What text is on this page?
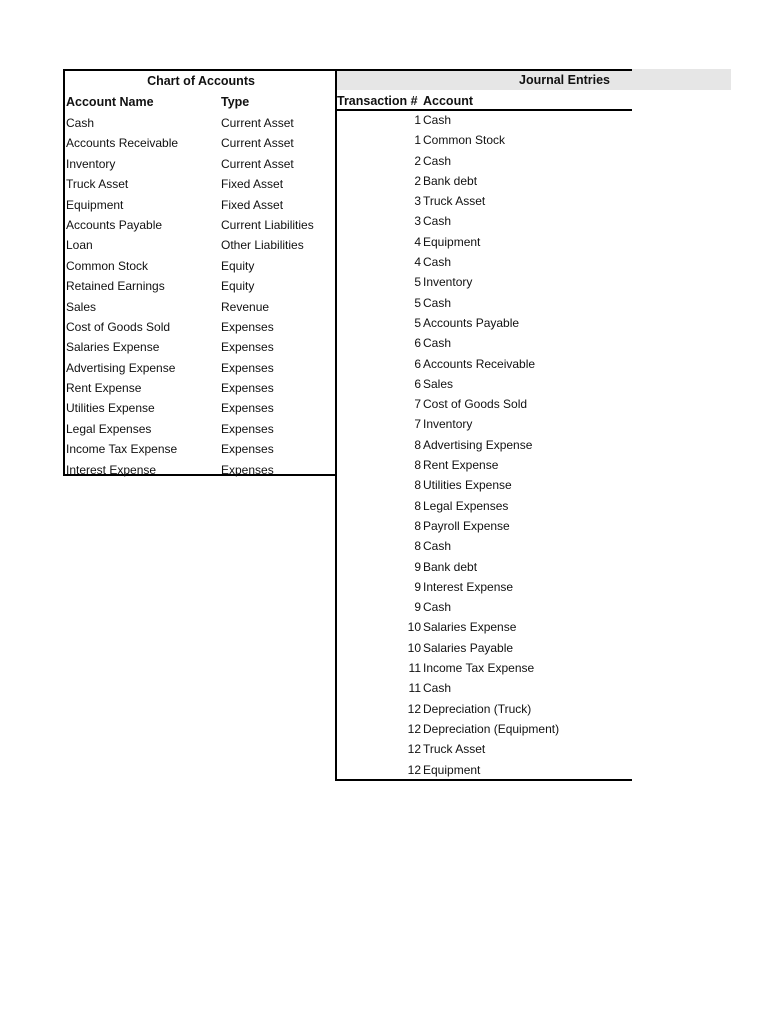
Chart of Accounts
Account Name	Type
Cash	Current Asset
Accounts Receivable	Current Asset
Inventory	Current Asset
Truck Asset	Fixed Asset
Equipment	Fixed Asset
Accounts Payable	Current Liabilities
Loan	Other Liabilities
Common Stock	Equity
Retained Earnings	Equity
Sales	Revenue
Cost of Goods Sold	Expenses
Salaries Expense	Expenses
Advertising Expense	Expenses
Rent Expense	Expenses
Utilities Expense	Expenses
Legal Expenses	Expenses
Income Tax Expense	Expenses
Interest Expense	Expenses
Journal Entries
Transaction # Account
1 Cash
1 Common Stock
2 Cash
2 Bank debt
3 Truck Asset
3 Cash
4 Equipment
4 Cash
5 Inventory
5 Cash
5 Accounts Payable
6 Cash
6 Accounts Receivable
6 Sales
7 Cost of Goods Sold
7 Inventory
8 Advertising Expense
8 Rent Expense
8 Utilities Expense
8 Legal Expenses
8 Payroll Expense
8 Cash
9 Bank debt
9 Interest Expense
9 Cash
10 Salaries Expense
10 Salaries Payable
11 Income Tax Expense
11 Cash
12 Depreciation (Truck)
12 Depreciation (Equipment)
12 Truck Asset
12 Equipment
